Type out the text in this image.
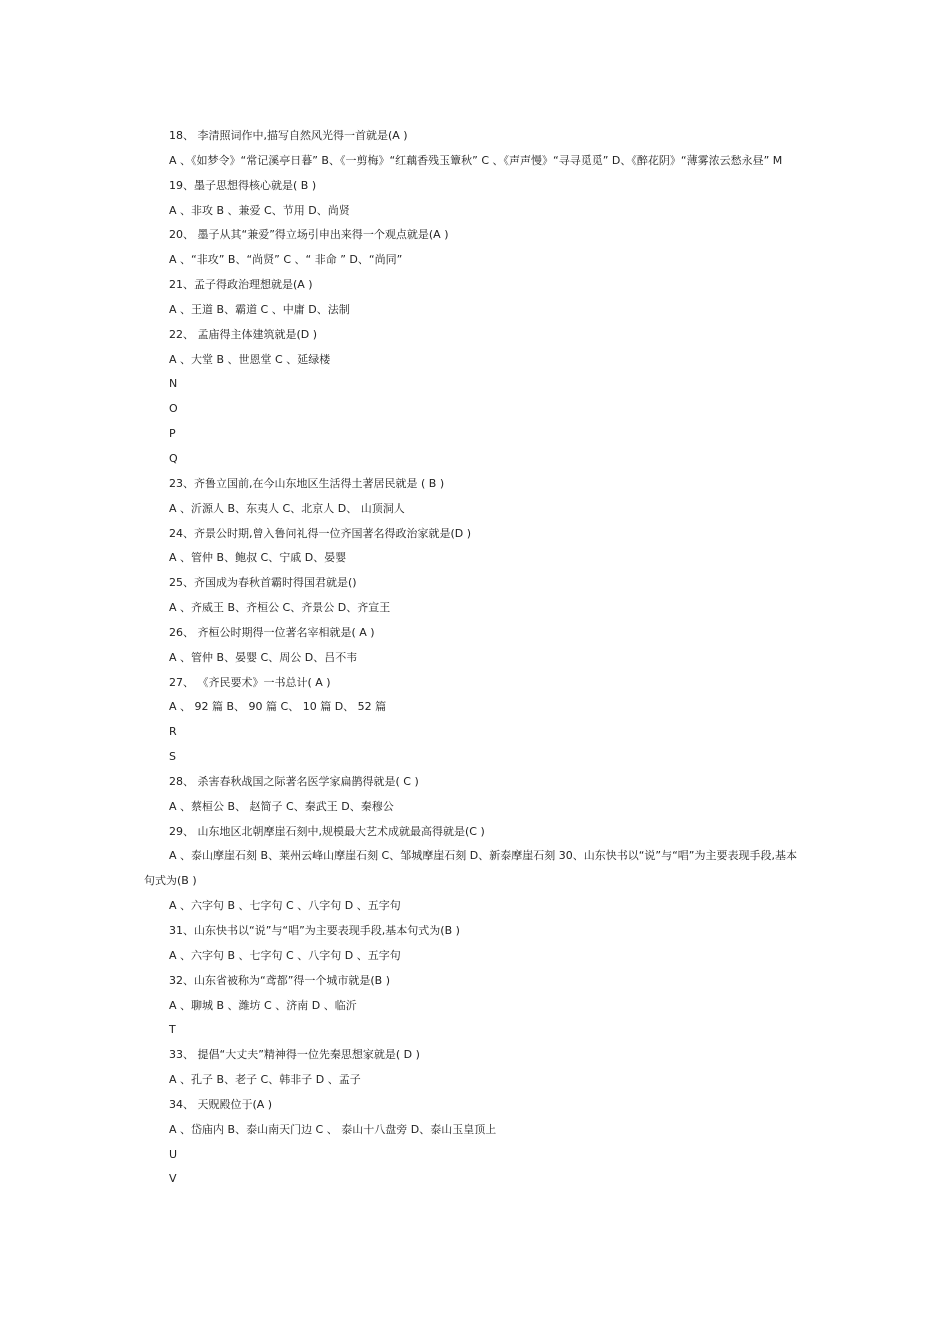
18、 李清照词作中,描写自然风光得一首就是(A )
A 、《如梦令》“常记溪亭日暮” B、《一剪梅》“红藕香残玉簟秋” C 、《声声慢》“寻寻觅觅” D、《醉花阴》“薄雾浓云愁永昼” M
19、墨子思想得核心就是( B )
A 、非攻 B 、兼爱 C、节用 D、尚贤
20、 墨子从其“兼爱”得立场引申出来得一个观点就是(A )
A 、“非攻” B、“尚贤” C 、“ 非命 ” D、“尚同”
21、孟子得政治理想就是(A )
A 、王道 B、霸道 C 、中庸 D、法制
22、 孟庙得主体建筑就是(D )
A 、大堂 B 、世恩堂 C 、延绿楼
N
O
P
Q
23、齐鲁立国前,在今山东地区生活得土著居民就是 ( B )
A 、沂源人 B、东夷人 C、北京人 D、 山顶洞人
24、齐景公时期,曾入鲁问礼得一位齐国著名得政治家就是(D )
A 、管仲 B、鲍叔 C、宁戚 D、晏婴
25、齐国成为春秋首霸时得国君就是()
A 、齐威王 B、齐桓公 C、齐景公 D、齐宣王
26、 齐桓公时期得一位著名宰相就是( A )
A 、管仲 B、晏婴 C、周公 D、吕不韦
27、 《齐民要术》一书总计( A )
A 、 92 篇 B、 90 篇 C、 10 篇 D、 52 篇
R
S
28、 杀害春秋战国之际著名医学家扁鹊得就是( C )
A 、蔡桓公 B、 赵简子 C、秦武王 D、秦穆公
29、 山东地区北朝摩崖石刻中,规模最大艺术成就最高得就是(C )
A 、泰山摩崖石刻 B、莱州云峰山摩崖石刻 C、邹城摩崖石刻 D、新泰摩崖石刻 30、山东快书以“说”与“唱”为主要表现手段,基本句式为(B )
A 、六字句 B 、七字句 C 、八字句 D 、五字句
31、山东快书以“说”与“唱”为主要表现手段,基本句式为(B )
A 、六字句 B 、七字句 C 、八字句 D 、五字句
32、山东省被称为“鸢都”得一个城市就是(B )
A 、聊城 B 、潍坊 C 、济南 D 、临沂
T
33、 提倡“大丈夫”精神得一位先秦思想家就是( D )
A 、孔子 B、老子 C、韩非子 D 、孟子
34、 天贶殿位于(A )
A 、岱庙内 B、泰山南天门边 C 、 泰山十八盘旁 D、泰山玉皇顶上
U
V
